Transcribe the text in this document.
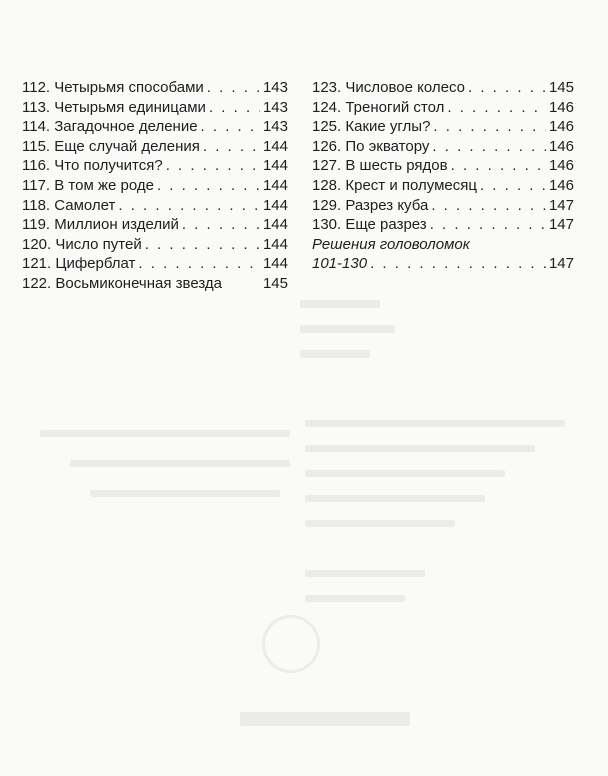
112. Четырьмя способами . . .	143
113. Четырьмя единицами . . .	143
114. Загадочное деление . . .	143
115. Еще случай деления . . .	144
116. Что получится? . . .	144
117. В том же роде . . .	144
118. Самолет . . .	144
119. Миллион изделий . . .	144
120. Число путей . . .	144
121. Циферблат . . .	144
122. Восьмиконечная звезда	145
123. Числовое колесо . . .	145
124. Треногий стол . . .	146
125. Какие углы? . . .	146
126. По экватору . . .	146
127. В шесть рядов . . .	146
128. Крест и полумесяц . . .	146
129. Разрез куба . . .	147
130. Еще разрез . . .	147
Решения головоломок
101-130 . . .	147
